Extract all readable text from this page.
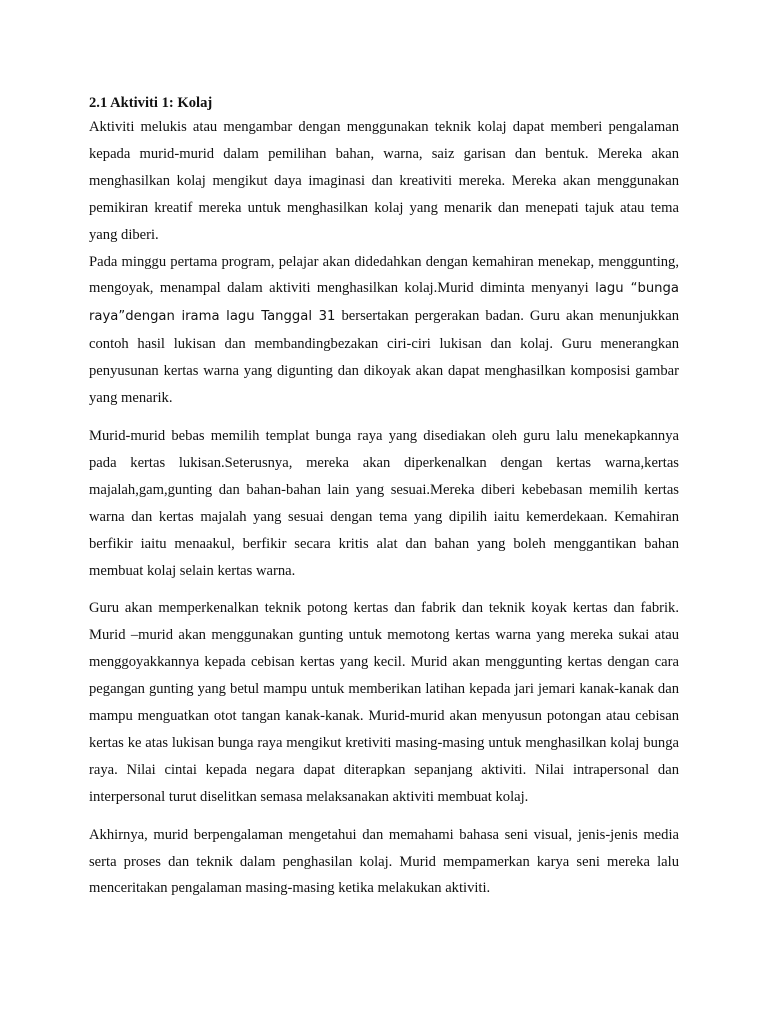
2.1 Aktiviti 1: Kolaj

Aktiviti melukis atau mengambar dengan menggunakan teknik kolaj dapat memberi pengalaman kepada murid-murid dalam pemilihan bahan, warna, saiz garisan dan bentuk. Mereka akan menghasilkan kolaj mengikut daya imaginasi dan kreativiti mereka. Mereka akan menggunakan pemikiran kreatif mereka untuk menghasilkan kolaj yang menarik dan menepati tajuk atau tema yang diberi.

Pada minggu pertama program, pelajar akan didedahkan dengan kemahiran menekap, menggunting, mengoyak, menampal dalam aktiviti menghasilkan kolaj.Murid diminta menyanyi lagu “bunga raya”dengan irama lagu Tanggal 31 bersertakan pergerakan badan. Guru akan menunjukkan contoh hasil lukisan dan membandingbezakan ciri-ciri lukisan dan kolaj. Guru menerangkan penyusunan kertas warna yang digunting dan dikoyak akan dapat menghasilkan komposisi gambar yang menarik.

Murid-murid bebas memilih templat bunga raya yang disediakan oleh guru lalu menekapkannya pada kertas lukisan.Seterusnya, mereka akan diperkenalkan dengan kertas warna,kertas majalah,gam,gunting dan bahan-bahan lain yang sesuai.Mereka diberi kebebasan memilih kertas warna dan kertas majalah yang sesuai dengan tema yang dipilih iaitu kemerdekaan. Kemahiran berfikir iaitu menaakul, berfikir secara kritis alat dan bahan yang boleh menggantikan bahan membuat kolaj selain kertas warna.

Guru akan memperkenalkan teknik potong kertas dan fabrik dan teknik koyak kertas dan fabrik. Murid –murid akan menggunakan gunting untuk memotong kertas warna yang mereka sukai atau menggoyakkannya kepada cebisan kertas yang kecil. Murid akan menggunting kertas dengan cara pegangan gunting yang betul mampu untuk memberikan latihan kepada jari jemari kanak-kanak dan mampu menguatkan otot tangan kanak-kanak. Murid-murid akan menyusun potongan atau cebisan kertas ke atas lukisan bunga raya mengikut kretiviti masing-masing untuk menghasilkan kolaj bunga raya. Nilai cintai kepada negara dapat diterapkan sepanjang aktiviti. Nilai intrapersonal dan interpersonal turut diselitkan semasa melaksanakan aktiviti membuat kolaj.

Akhirnya, murid berpengalaman mengetahui dan memahami bahasa seni visual, jenis-jenis media serta proses dan teknik dalam penghasilan kolaj. Murid mempamerkan karya seni mereka lalu menceritakan pengalaman masing-masing ketika melakukan aktiviti.
